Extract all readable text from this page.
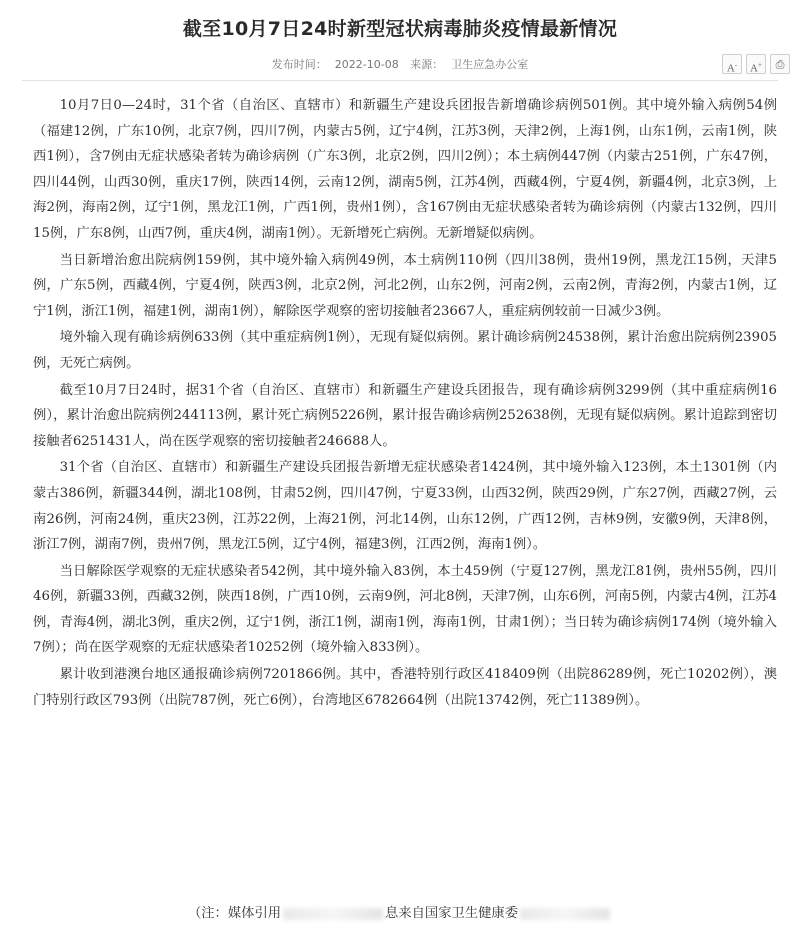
截至10月7日24时新型冠状病毒肺炎疫情最新情况
发布时间： 2022-10-08 来源： 卫生应急办公室	A-	A+	⎙

10月7日0—24时，31个省（自治区、直辖市）和新疆生产建设兵团报告新增确诊病例501例。其中境外输入病例54例（福建12例，广东10例，北京7例，四川7例，内蒙古5例，辽宁4例，江苏3例，天津2例，上海1例，山东1例，云南1例，陕西1例），含7例由无症状感染者转为确诊病例（广东3例，北京2例，四川2例）；本土病例447例（内蒙古251例，广东47例，四川44例，山西30例，重庆17例，陕西14例，云南12例，湖南5例，江苏4例，西藏4例，宁夏4例，新疆4例，北京3例，上海2例，海南2例，辽宁1例，黑龙江1例，广西1例，贵州1例），含167例由无症状感染者转为确诊病例（内蒙古132例，四川15例，广东8例，山西7例，重庆4例，湖南1例）。无新增死亡病例。无新增疑似病例。

当日新增治愈出院病例159例，其中境外输入病例49例，本土病例110例（四川38例，贵州19例，黑龙江15例，天津5例，广东5例，西藏4例，宁夏4例，陕西3例，北京2例，河北2例，山东2例，河南2例，云南2例，青海2例，内蒙古1例，辽宁1例，浙江1例，福建1例，湖南1例），解除医学观察的密切接触者23667人，重症病例较前一日减少3例。

境外输入现有确诊病例633例（其中重症病例1例），无现有疑似病例。累计确诊病例24538例，累计治愈出院病例23905例，无死亡病例。

截至10月7日24时，据31个省（自治区、直辖市）和新疆生产建设兵团报告，现有确诊病例3299例（其中重症病例16例），累计治愈出院病例244113例，累计死亡病例5226例，累计报告确诊病例252638例，无现有疑似病例。累计追踪到密切接触者6251431人，尚在医学观察的密切接触者246688人。

31个省（自治区、直辖市）和新疆生产建设兵团报告新增无症状感染者1424例，其中境外输入123例，本土1301例（内蒙古386例，新疆344例，湖北108例，甘肃52例，四川47例，宁夏33例，山西32例，陕西29例，广东27例，西藏27例，云南26例，河南24例，重庆23例，江苏22例，上海21例，河北14例，山东12例，广西12例，吉林9例，安徽9例，天津8例，浙江7例，湖南7例，贵州7例，黑龙江5例，辽宁4例，福建3例，江西2例，海南1例）。

当日解除医学观察的无症状感染者542例，其中境外输入83例，本土459例（宁夏127例，黑龙江81例，贵州55例，四川46例，新疆33例，西藏32例，陕西18例，广西10例，云南9例，河北8例，天津7例，山东6例，河南5例，内蒙古4例，江苏4例，青海4例，湖北3例，重庆2例，辽宁1例，浙江1例，湖南1例，海南1例，甘肃1例）；当日转为确诊病例174例（境外输入7例）；尚在医学观察的无症状感染者10252例（境外输入833例）。

累计收到港澳台地区通报确诊病例7201866例。其中，香港特别行政区418409例（出院86289例，死亡10202例），澳门特别行政区793例（出院787例，死亡6例），台湾地区6782664例（出院13742例，死亡11389例）。

（注：媒体引用	息来自国家卫生健康委
